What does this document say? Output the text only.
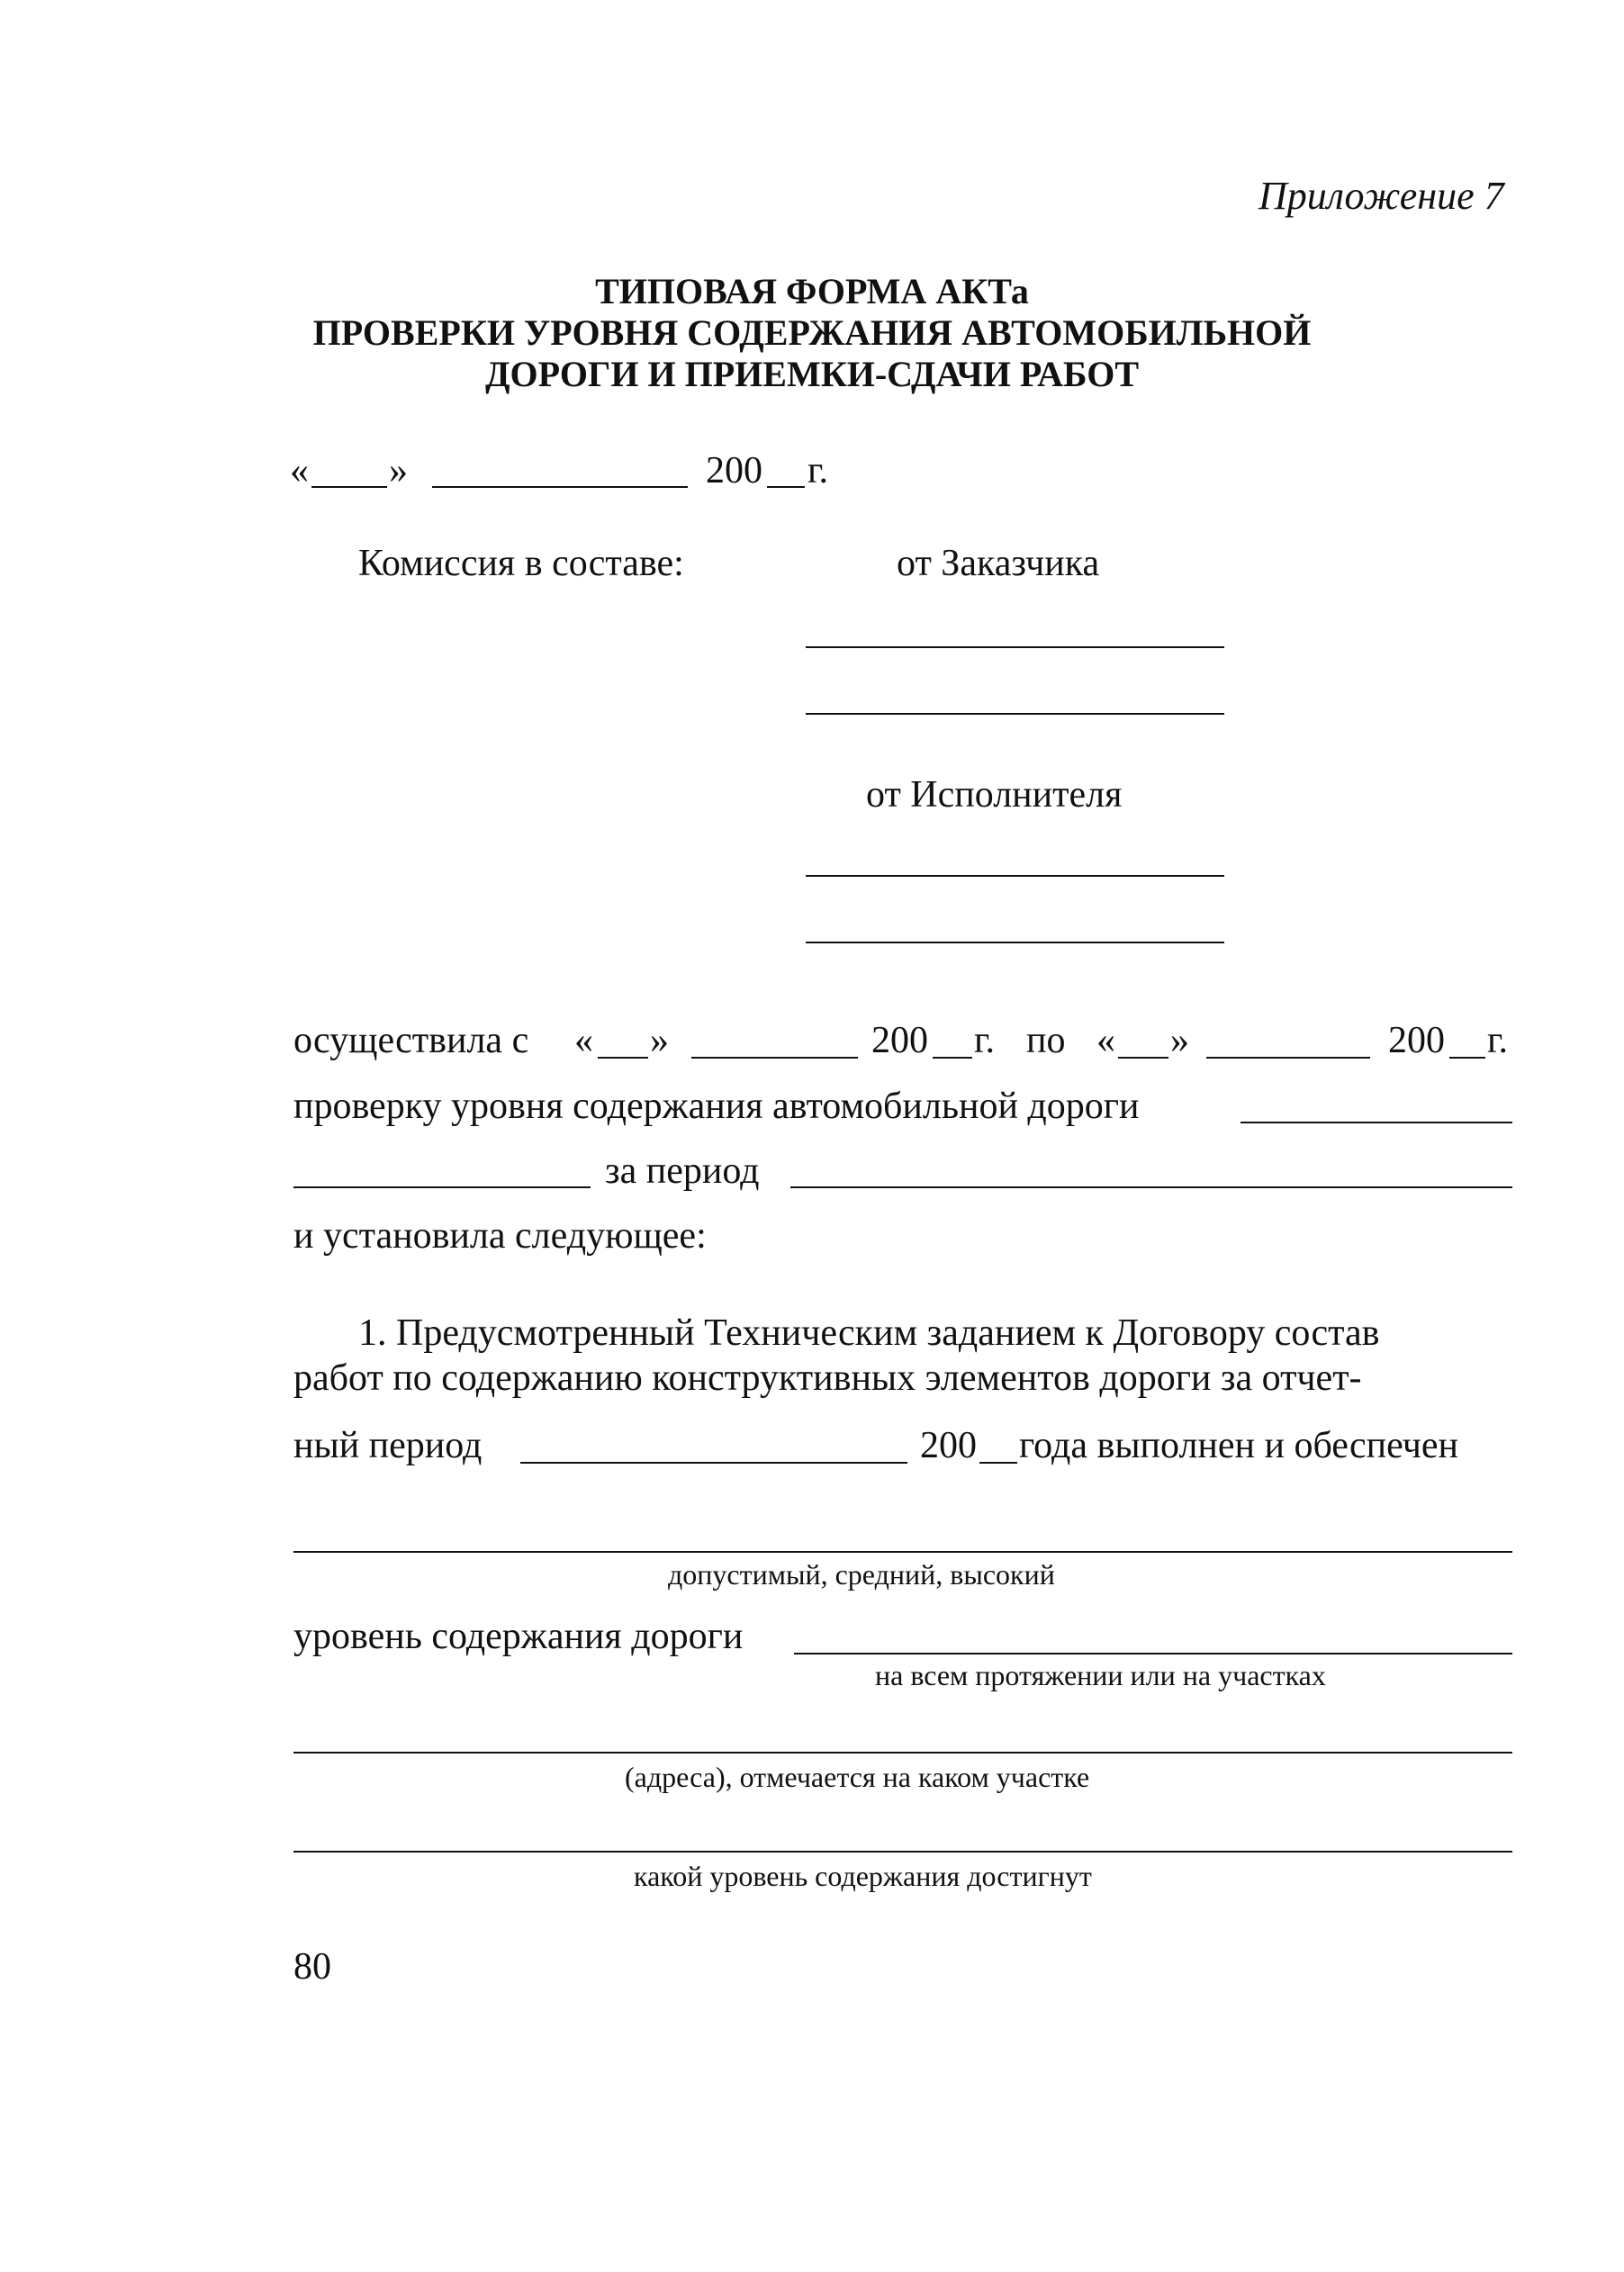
Приложение 7
ТИПОВАЯ ФОРМА АКТа
ПРОВЕРКИ УРОВНЯ СОДЕРЖАНИЯ АВТОМОБИЛЬНОЙ
ДОРОГИ И ПРИЕМКИ-СДАЧИ РАБОТ
« »	200 г.
Комиссия в составе:	от Заказчика
от Исполнителя
осуществила с « »	200 г. по « »	200 г.
проверку уровня содержания автомобильной дороги
за период
и установила следующее:
1. Предусмотренный Техническим заданием к Договору состав
работ по содержанию конструктивных элементов дороги за отчет-
ный период	200 года выполнен и обеспечен
допустимый, средний, высокий
уровень содержания дороги
на всем протяжении или на участках
(адреса), отмечается на каком участке
какой уровень содержания достигнут
80
